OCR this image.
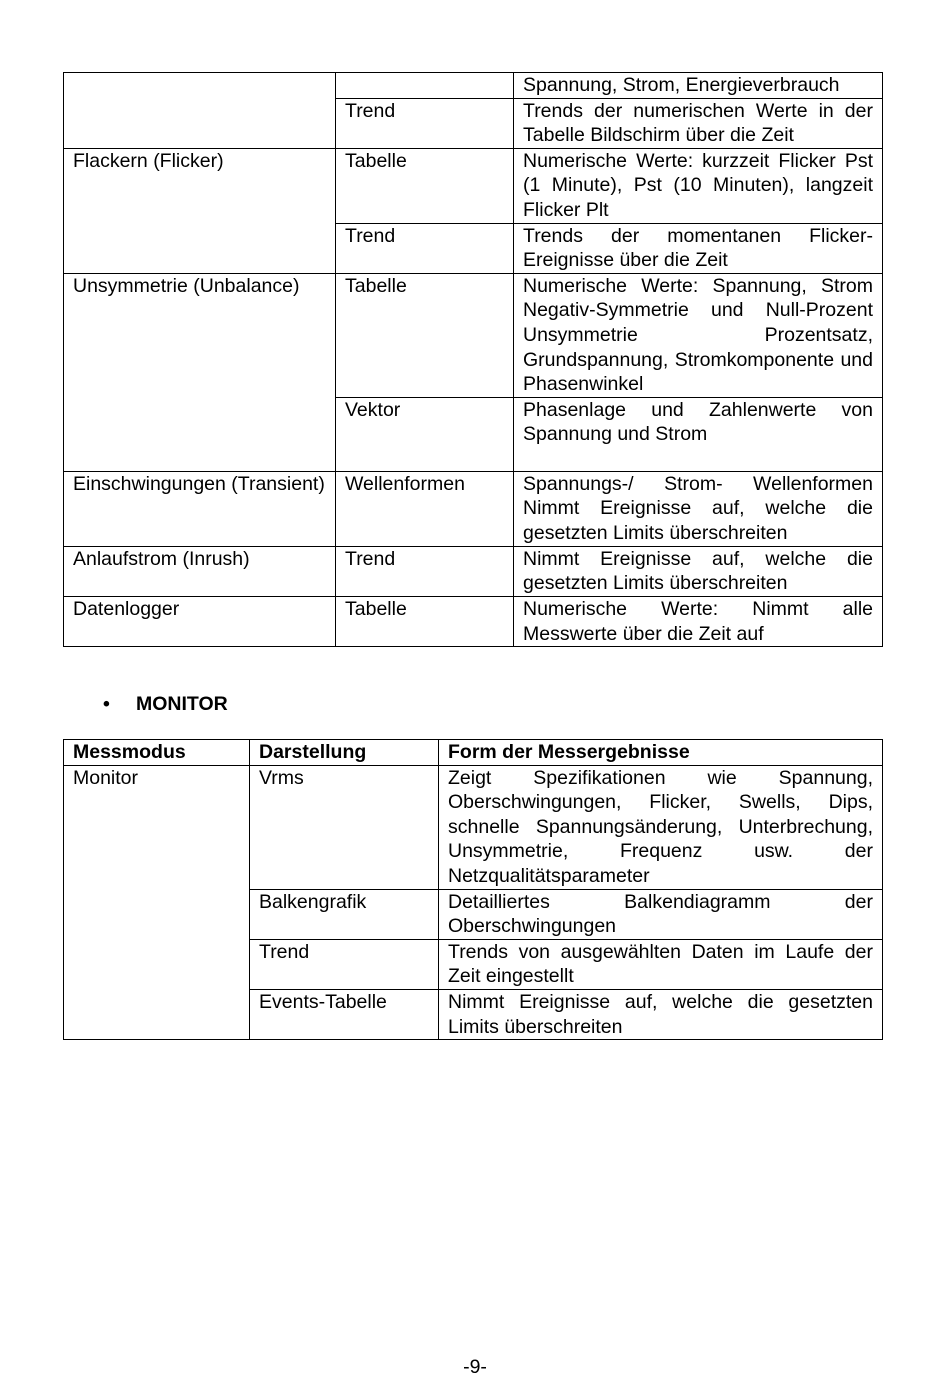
		Spannung, Strom, Energieverbrauch
	Trend	Trends der numerischen Werte in der Tabelle Bildschirm über die Zeit
Flackern (Flicker)	Tabelle	Numerische Werte: kurzzeit Flicker Pst (1 Minute), Pst (10 Minuten), langzeit Flicker Plt
	Trend	Trends der momentanen Flicker-Ereignisse über die Zeit
Unsymmetrie (Unbalance)	Tabelle	Numerische Werte: Spannung, Strom Negativ-Symmetrie und Null-Prozent Unsymmetrie Prozentsatz, Grundspannung, Stromkomponente und Phasenwinkel
	Vektor	Phasenlage und Zahlenwerte von Spannung und Strom
Einschwingungen (Transient)	Wellenformen	Spannungs-/ Strom- Wellenformen Nimmt Ereignisse auf, welche die gesetzten Limits überschreiten
Anlaufstrom (Inrush)	Trend	Nimmt Ereignisse auf, welche die gesetzten Limits überschreiten
Datenlogger	Tabelle	Numerische Werte: Nimmt alle Messwerte über die Zeit auf
• MONITOR
Messmodus	Darstellung	Form der Messergebnisse
Monitor	Vrms	Zeigt Spezifikationen wie Spannung, Oberschwingungen, Flicker, Swells, Dips, schnelle Spannungsänderung, Unterbrechung, Unsymmetrie, Frequenz usw. der Netzqualitätsparameter
	Balkengrafik	Detailliertes Balkendiagramm der Oberschwingungen
	Trend	Trends von ausgewählten Daten im Laufe der Zeit eingestellt
	Events-Tabelle	Nimmt Ereignisse auf, welche die gesetzten Limits überschreiten
-9-
